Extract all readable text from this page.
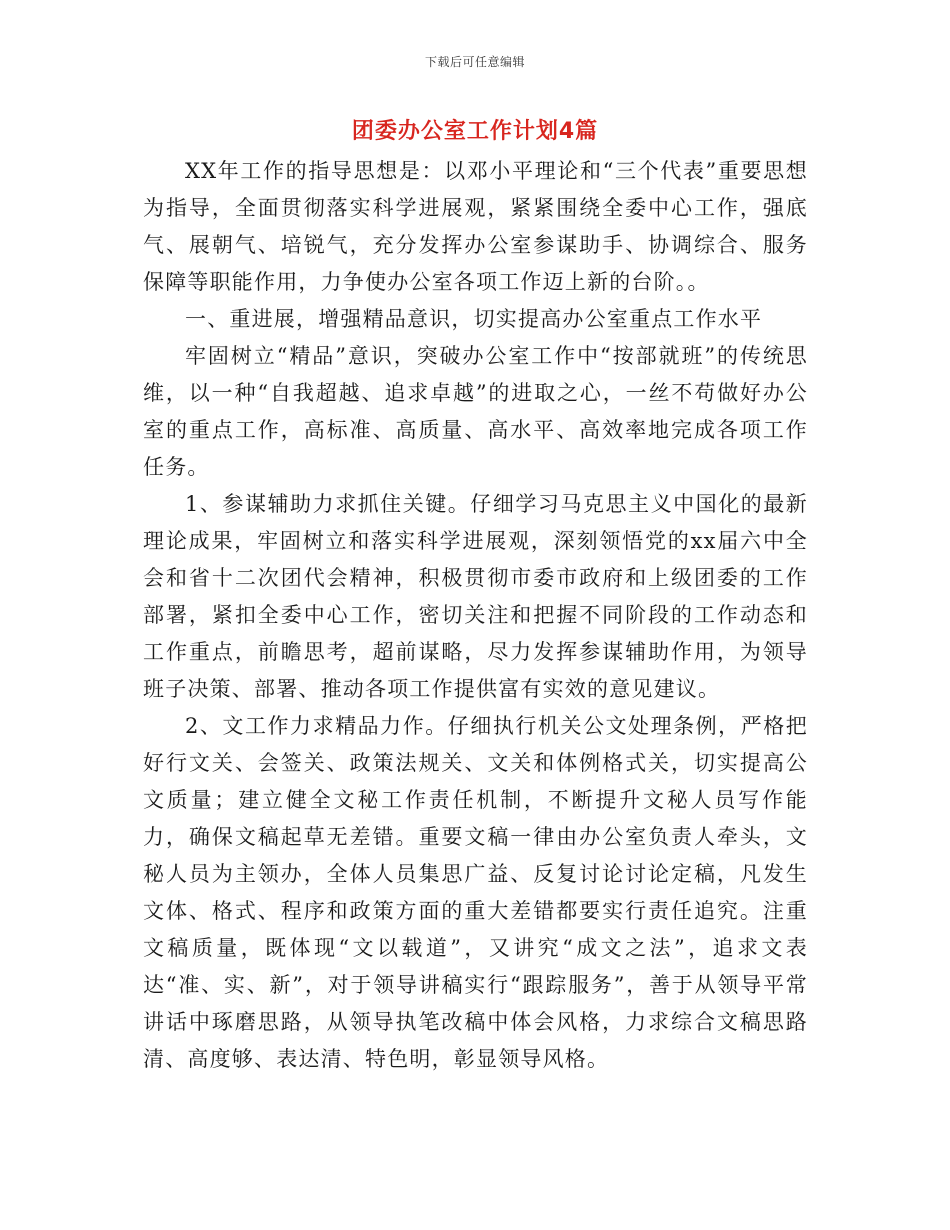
下载后可任意编辑
团委办公室工作计划4篇

XX年工作的指导思想是：以邓小平理论和“三个代表”重要思想为指导，全面贯彻落实科学进展观，紧紧围绕全委中心工作，强底气、展朝气、培锐气，充分发挥办公室参谋助手、协调综合、服务保障等职能作用，力争使办公室各项工作迈上新的台阶。。

一、重进展，增强精品意识，切实提高办公室重点工作水平

牢固树立“精品”意识，突破办公室工作中“按部就班”的传统思维，以一种“自我超越、追求卓越”的进取之心，一丝不苟做好办公室的重点工作，高标准、高质量、高水平、高效率地完成各项工作任务。

1、参谋辅助力求抓住关键。仔细学习马克思主义中国化的最新理论成果，牢固树立和落实科学进展观，深刻领悟党的xx届六中全会和省十二次团代会精神，积极贯彻市委市政府和上级团委的工作部署，紧扣全委中心工作，密切关注和把握不同阶段的工作动态和工作重点，前瞻思考，超前谋略，尽力发挥参谋辅助作用，为领导班子决策、部署、推动各项工作提供富有实效的意见建议。

2、文工作力求精品力作。仔细执行机关公文处理条例，严格把好行文关、会签关、政策法规关、文关和体例格式关，切实提高公文质量；建立健全文秘工作责任机制，不断提升文秘人员写作能力，确保文稿起草无差错。重要文稿一律由办公室负责人牵头，文秘人员为主领办，全体人员集思广益、反复讨论讨论定稿，凡发生文体、格式、程序和政策方面的重大差错都要实行责任追究。注重文稿质量，既体现“文以载道”，又讲究“成文之法”，追求文表达“准、实、新”，对于领导讲稿实行“跟踪服务”，善于从领导平常讲话中琢磨思路，从领导执笔改稿中体会风格，力求综合文稿思路清、高度够、表达清、特色明，彰显领导风格。
